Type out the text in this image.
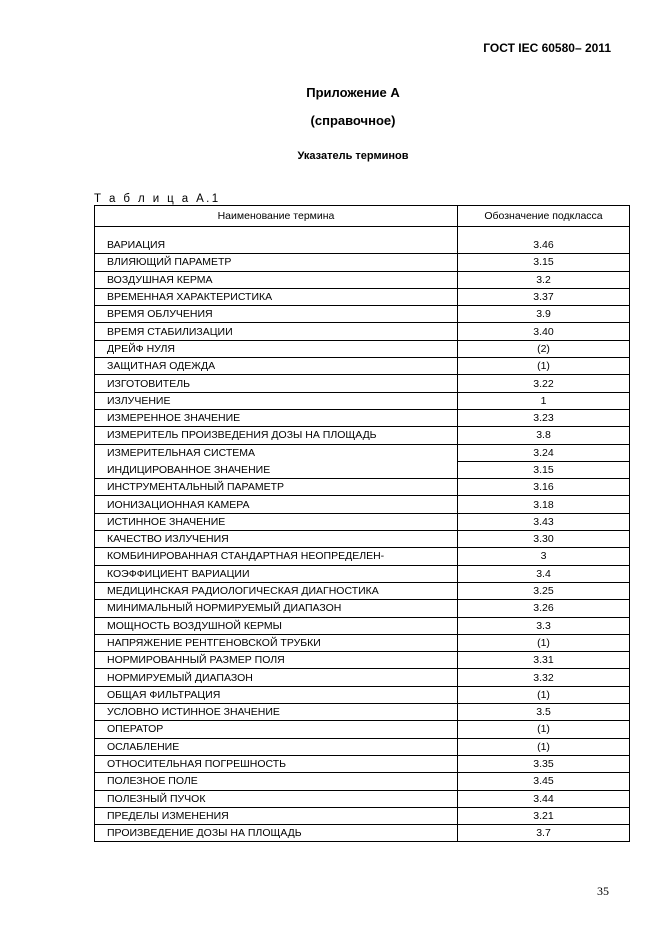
ГОСТ IEC 60580– 2011
Приложение А
(справочное)
Указатель терминов
Т а б л и ц а А.1
Наименование термина	Обозначение подкласса

ВАРИАЦИЯ	3.46
ВЛИЯЮЩИЙ ПАРАМЕТР	3.15
ВОЗДУШНАЯ КЕРМА	3.2
ВРЕМЕННАЯ ХАРАКТЕРИСТИКА	3.37
ВРЕМЯ ОБЛУЧЕНИЯ	3.9
ВРЕМЯ СТАБИЛИЗАЦИИ	3.40
ДРЕЙФ НУЛЯ	(2)
ЗАЩИТНАЯ ОДЕЖДА	(1)
ИЗГОТОВИТЕЛЬ	3.22
ИЗЛУЧЕНИЕ	1
ИЗМЕРЕННОЕ ЗНАЧЕНИЕ	3.23
ИЗМЕРИТЕЛЬ ПРОИЗВЕДЕНИЯ ДОЗЫ НА ПЛОЩАДЬ	3.8
ИЗМЕРИТЕЛЬНАЯ СИСТЕМА	3.24
ИНДИЦИРОВАННОЕ ЗНАЧЕНИЕ	3.15
ИНСТРУМЕНТАЛЬНЫЙ ПАРАМЕТР	3.16
ИОНИЗАЦИОННАЯ КАМЕРА	3.18
ИСТИННОЕ ЗНАЧЕНИЕ	3.43
КАЧЕСТВО ИЗЛУЧЕНИЯ	3.30
КОМБИНИРОВАННАЯ СТАНДАРТНАЯ НЕОПРЕДЕЛЕН-	3
КОЭФФИЦИЕНТ ВАРИАЦИИ	3.4
МЕДИЦИНСКАЯ РАДИОЛОГИЧЕСКАЯ ДИАГНОСТИКА	3.25
МИНИМАЛЬНЫЙ НОРМИРУЕМЫЙ ДИАПАЗОН	3.26
МОЩНОСТЬ ВОЗДУШНОЙ КЕРМЫ	3.3
НАПРЯЖЕНИЕ РЕНТГЕНОВСКОЙ ТРУБКИ	(1)
НОРМИРОВАННЫЙ РАЗМЕР ПОЛЯ	3.31
НОРМИРУЕМЫЙ ДИАПАЗОН	3.32
ОБЩАЯ ФИЛЬТРАЦИЯ	(1)
УСЛОВНО ИСТИННОЕ ЗНАЧЕНИЕ	3.5
ОПЕРАТОР	(1)
ОСЛАБЛЕНИЕ	(1)
ОТНОСИТЕЛЬНАЯ ПОГРЕШНОСТЬ	3.35
ПОЛЕЗНОЕ ПОЛЕ	3.45
ПОЛЕЗНЫЙ ПУЧОК	3.44
ПРЕДЕЛЫ ИЗМЕНЕНИЯ	3.21
ПРОИЗВЕДЕНИЕ ДОЗЫ НА ПЛОЩАДЬ	3.7
35
